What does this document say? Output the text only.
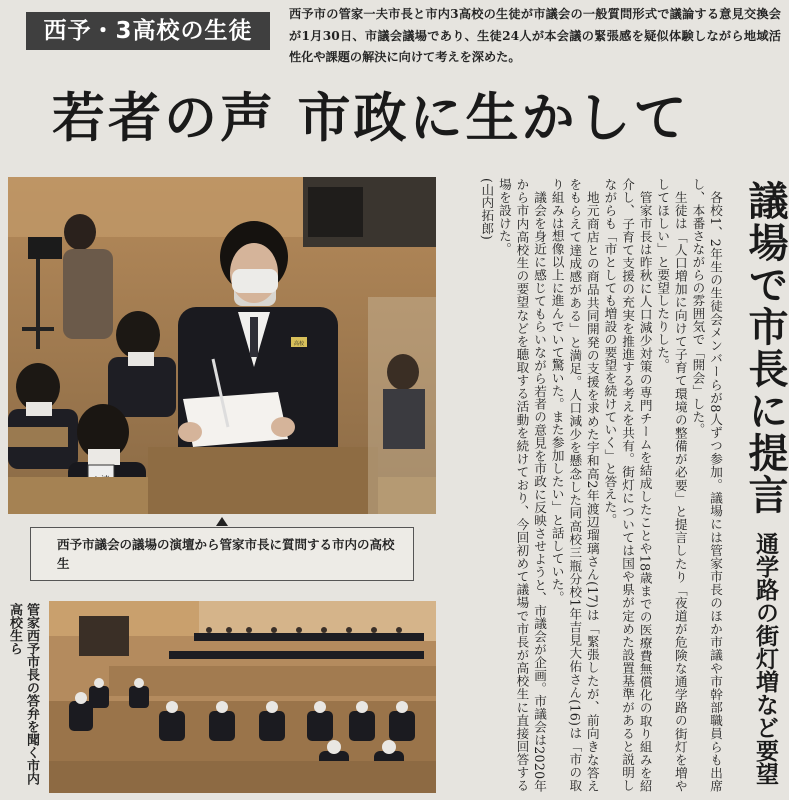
西予・3高校の生徒
西予市の管家一夫市長と市内3高校の生徒が市議会の一般質問形式で議論する意見交換会が1月30日、市議会議場であり、生徒24人が本会議の緊張感を疑似体験しながら地域活性化や課題の解決に向けて考えを深めた。
若者の声 市政に生かして
高校
西予市議会の議場の演壇から管家市長に質問する市内の高校生
管家西予市長の答弁を聞く市内高校生ら	各校1、2年生の生徒会メンバーらが8人ずつ参加。議場には管家市長のほか市議や市幹部職員らも出席し、本番さながらの雰囲気で「開会」した。

生徒は「人口増加に向けて子育て環境の整備が必要」と提言したり「夜道が危険な通学路の街灯を増やしてほしい」と要望したりした。

管家市長は昨秋に人口減少対策の専門チームを結成したことや18歳までの医療費無償化の取り組みを紹介し、子育て支援の充実を推進する考えを共有。街灯については国や県が定めた設置基準があると説明しながらも「市としても増設の要望を続けていく」と答えた。

地元商店との商品共同開発の支援を求めた宇和高2年渡辺瑠璃さん(17)は「緊張したが、前向きな答えをもらえて達成感がある」と満足。人口減少を懸念した同高校三瓶分校1年吉見大佑さん(16)は「市の取り組みは想像以上に進んでいて驚いた。また参加したい」と話していた。

議会を身近に感じてもらいながら若者の意見を市政に反映させようと、市議会が企画。市議会は2020年から市内高校生の要望などを聴取する活動を続けており、今回初めて議場で市長が高校生に直接回答する場を設けた。

(山内拓郎)	議場で市長に提言 通学路の街灯増など要望
